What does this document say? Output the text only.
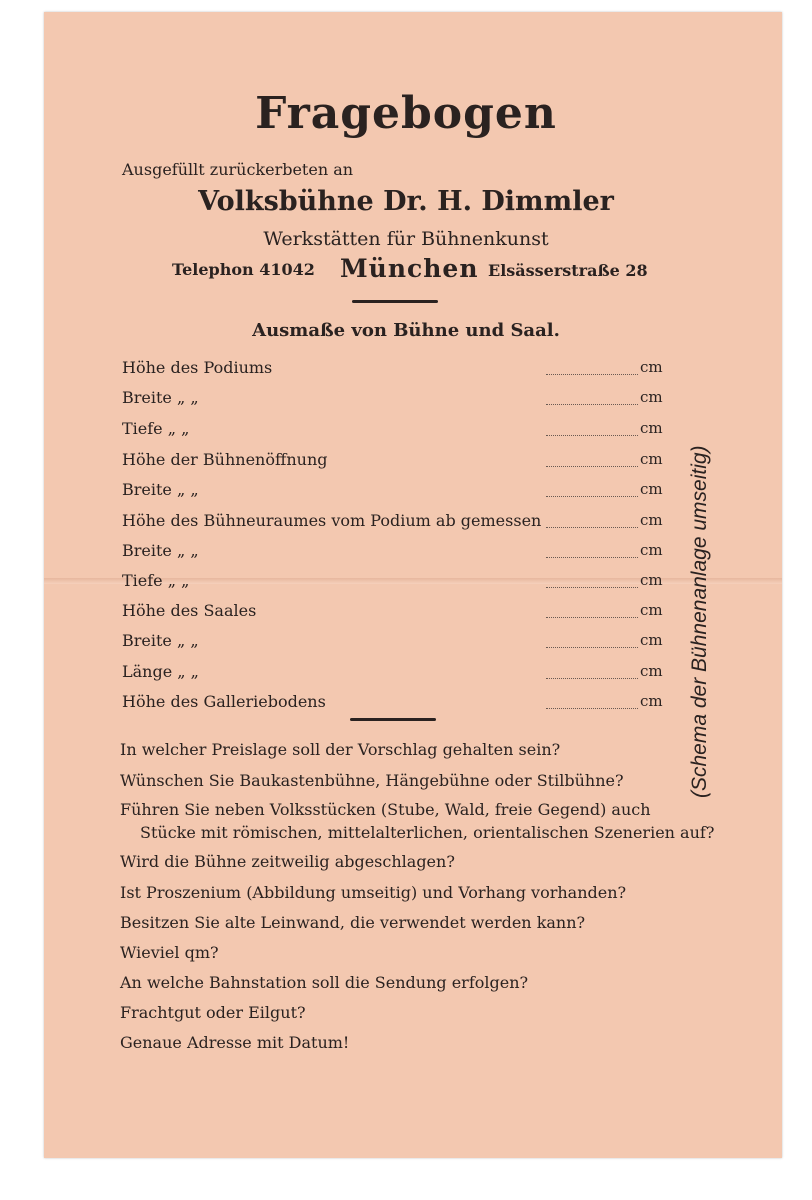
Fragebogen
Ausgefüllt zurückerbeten an
Volksbühne Dr. H. Dimmler
Werkstätten für Bühnenkunst
Telephon 41042 München Elsässerstraße 28
Ausmaße von Bühne und Saal.
Höhe des Podiums	cm
Breite „ „	cm
Tiefe „ „	cm
Höhe der Bühnenöffnung	cm
Breite „ „	cm
Höhe des Bühneuraumes vom Podium ab gemessen	cm
Breite „ „	cm
Tiefe „ „	cm
Höhe des Saales	cm
Breite „ „	cm
Länge „ „	cm
Höhe des Galleriebodens	cm
In welcher Preislage soll der Vorschlag gehalten sein?
Wünschen Sie Baukastenbühne, Hängebühne oder Stilbühne?
Führen Sie neben Volksstücken (Stube, Wald, freie Gegend) auch
Stücke mit römischen, mittelalterlichen, orientalischen Szenerien auf?
Wird die Bühne zeitweilig abgeschlagen?
Ist Proszenium (Abbildung umseitig) und Vorhang vorhanden?
Besitzen Sie alte Leinwand, die verwendet werden kann?
Wieviel qm?
An welche Bahnstation soll die Sendung erfolgen?
Frachtgut oder Eilgut?
Genaue Adresse mit Datum!
(Schema der Bühnenanlage umseitig)
